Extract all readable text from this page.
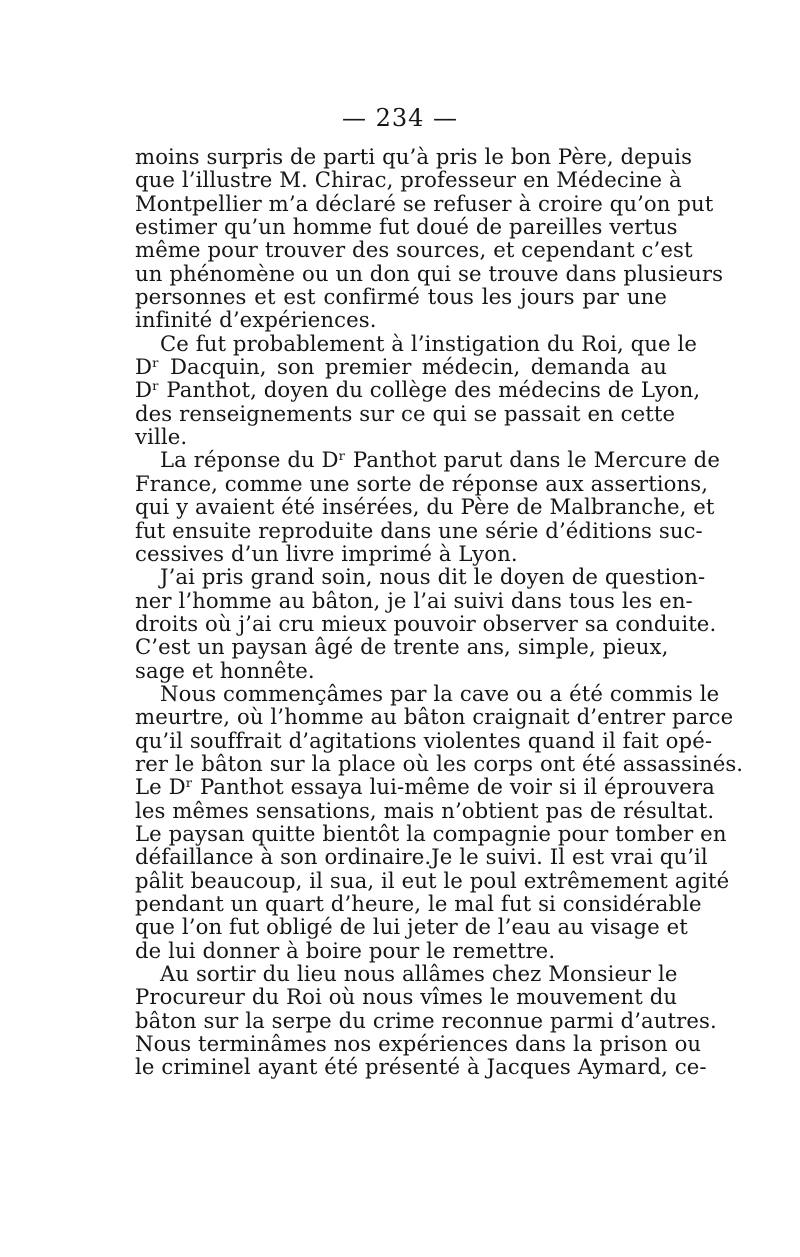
— 234 —
moins surpris de parti qu’à pris le bon Père, depuis
que l’illustre M. Chirac, professeur en Médecine à
Montpellier m’a déclaré se refuser à croire qu’on put
estimer qu’un homme fut doué de pareilles vertus
même pour trouver des sources, et cependant c’est
un phénomène ou un don qui se trouve dans plusieurs
personnes et est confirmé tous les jours par une
infinité d’expériences.
Ce fut probablement à l’instigation du Roi, que le
Dʳ Dacquin, son premier médecin, demanda au
Dʳ Panthot, doyen du collège des médecins de Lyon,
des renseignements sur ce qui se passait en cette
ville.
La réponse du Dʳ Panthot parut dans le Mercure de
France, comme une sorte de réponse aux assertions,
qui y avaient été insérées, du Père de Malbranche, et
fut ensuite reproduite dans une série d’éditions suc-
cessives d’un livre imprimé à Lyon.
J’ai pris grand soin, nous dit le doyen de question-
ner l’homme au bâton, je l’ai suivi dans tous les en-
droits où j’ai cru mieux pouvoir observer sa conduite.
C’est un paysan âgé de trente ans, simple, pieux,
sage et honnête.
Nous commençâmes par la cave ou a été commis le
meurtre, où l’homme au bâton craignait d’entrer parce
qu’il souffrait d’agitations violentes quand il fait opé-
rer le bâton sur la place où les corps ont été assassinés.
Le Dʳ Panthot essaya lui-même de voir si il éprouvera
les mêmes sensations, mais n’obtient pas de résultat.
Le paysan quitte bientôt la compagnie pour tomber en
défaillance à son ordinaire.Je le suivi. Il est vrai qu’il
pâlit beaucoup, il sua, il eut le poul extrêmement agité
pendant un quart d’heure, le mal fut si considérable
que l’on fut obligé de lui jeter de l’eau au visage et
de lui donner à boire pour le remettre.
Au sortir du lieu nous allâmes chez Monsieur le
Procureur du Roi où nous vîmes le mouvement du
bâton sur la serpe du crime reconnue parmi d’autres.
Nous terminâmes nos expériences dans la prison ou
le criminel ayant été présenté à Jacques Aymard, ce-
